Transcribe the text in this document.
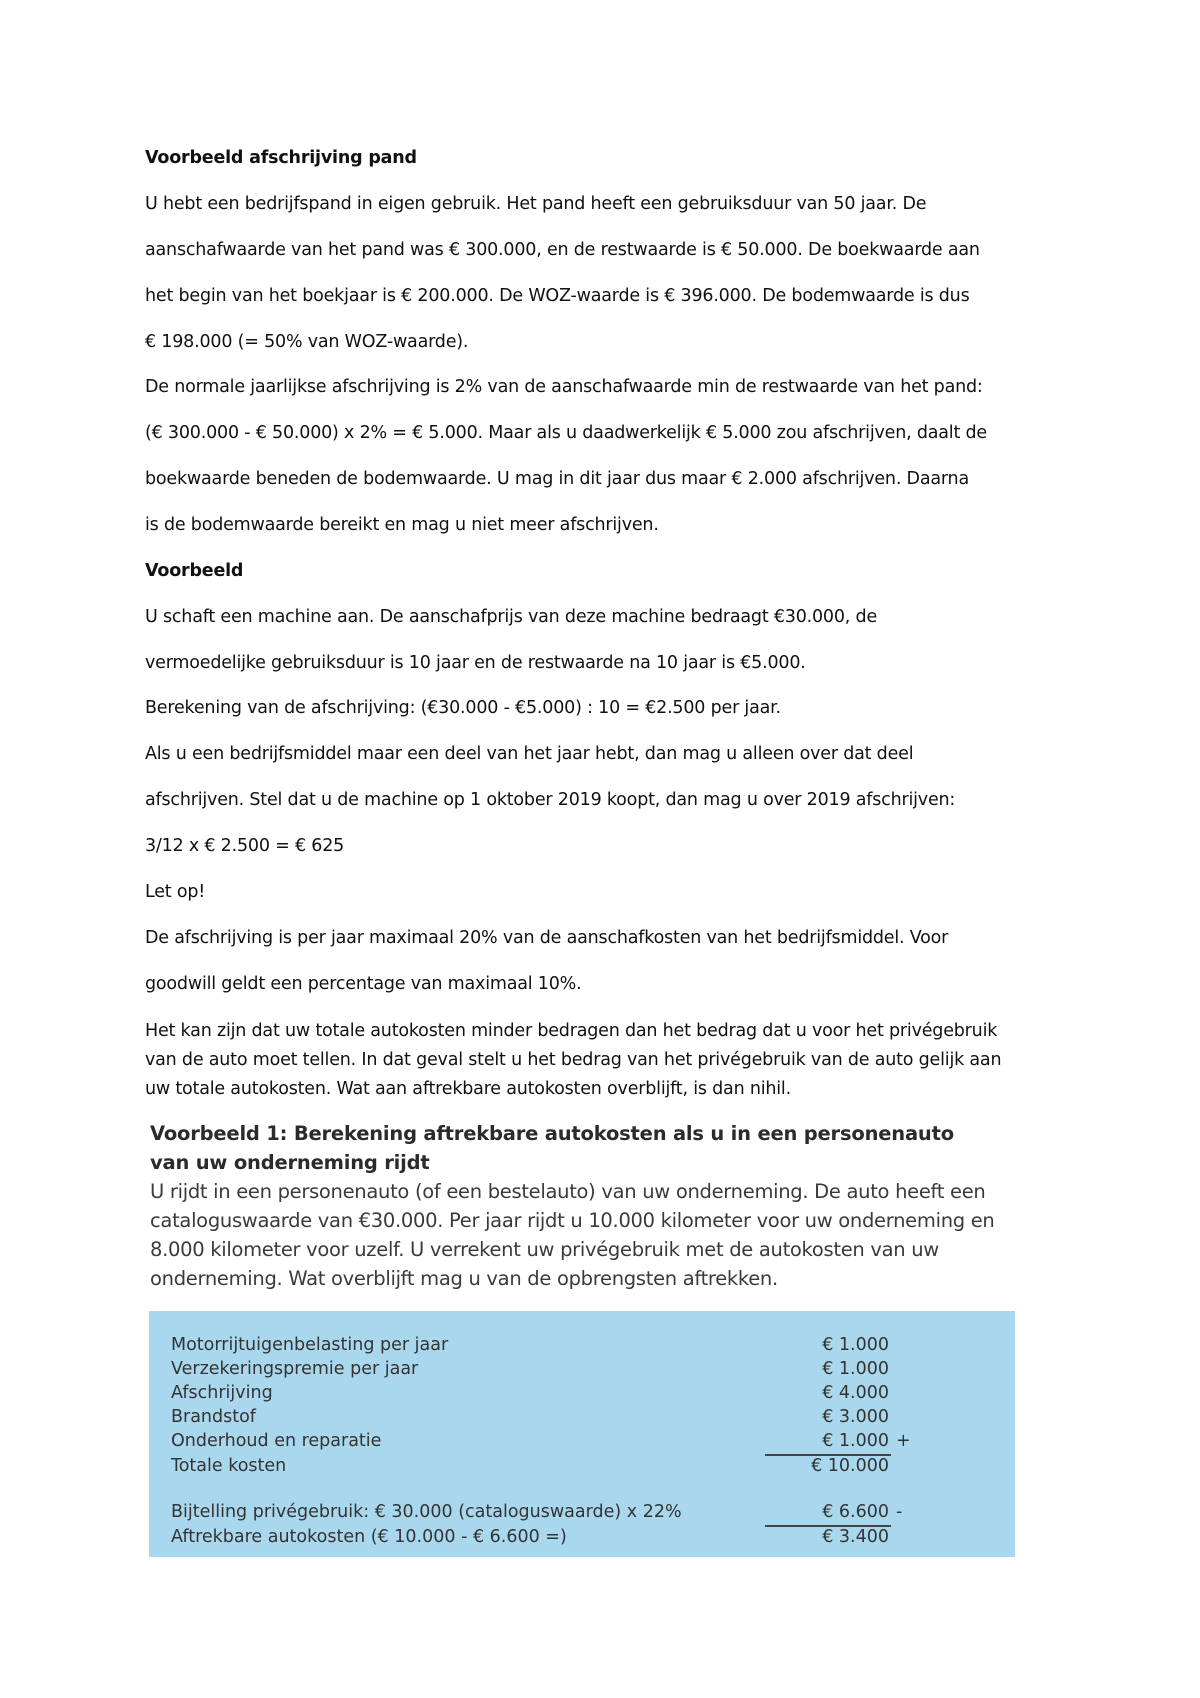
Voorbeeld afschrijving pand
U hebt een bedrijfspand in eigen gebruik. Het pand heeft een gebruiksduur van 50 jaar. De
aanschafwaarde van het pand was € 300.000, en de restwaarde is € 50.000. De boekwaarde aan
het begin van het boekjaar is € 200.000. De WOZ-waarde is € 396.000. De bodemwaarde is dus
€ 198.000 (= 50% van WOZ-waarde).
De normale jaarlijkse afschrijving is 2% van de aanschafwaarde min de restwaarde van het pand:
(€ 300.000 - € 50.000) x 2% = € 5.000. Maar als u daadwerkelijk € 5.000 zou afschrijven, daalt de
boekwaarde beneden de bodemwaarde. U mag in dit jaar dus maar € 2.000 afschrijven. Daarna
is de bodemwaarde bereikt en mag u niet meer afschrijven.
Voorbeeld
U schaft een machine aan. De aanschafprijs van deze machine bedraagt €30.000, de
vermoedelijke gebruiksduur is 10 jaar en de restwaarde na 10 jaar is €5.000.
Berekening van de afschrijving: (€30.000 - €5.000) : 10 = €2.500 per jaar.
Als u een bedrijfsmiddel maar een deel van het jaar hebt, dan mag u alleen over dat deel
afschrijven. Stel dat u de machine op 1 oktober 2019 koopt, dan mag u over 2019 afschrijven:
3/12 x € 2.500 = € 625
Let op!
De afschrijving is per jaar maximaal 20% van de aanschafkosten van het bedrijfsmiddel. Voor
goodwill geldt een percentage van maximaal 10%.
Het kan zijn dat uw totale autokosten minder bedragen dan het bedrag dat u voor het privégebruik
van de auto moet tellen. In dat geval stelt u het bedrag van het privégebruik van de auto gelijk aan
uw totale autokosten. Wat aan aftrekbare autokosten overblijft, is dan nihil.
Voorbeeld 1: Berekening aftrekbare autokosten als u in een personenauto
van uw onderneming rijdt
U rijdt in een personenauto (of een bestelauto) van uw onderneming. De auto heeft een
cataloguswaarde van €30.000. Per jaar rijdt u 10.000 kilometer voor uw onderneming en
8.000 kilometer voor uzelf. U verrekent uw privégebruik met de autokosten van uw
onderneming. Wat overblijft mag u van de opbrengsten aftrekken.
Motorrijtuigenbelasting per jaar	€ 1.000
Verzekeringspremie per jaar	€ 1.000
Afschrijving	€ 4.000
Brandstof	€ 3.000
Onderhoud en reparatie	€ 1.000 +
Totale kosten	€ 10.000
Bijtelling privégebruik: € 30.000 (cataloguswaarde) x 22%	€ 6.600 -
Aftrekbare autokosten (€ 10.000 - € 6.600 =)	€ 3.400
